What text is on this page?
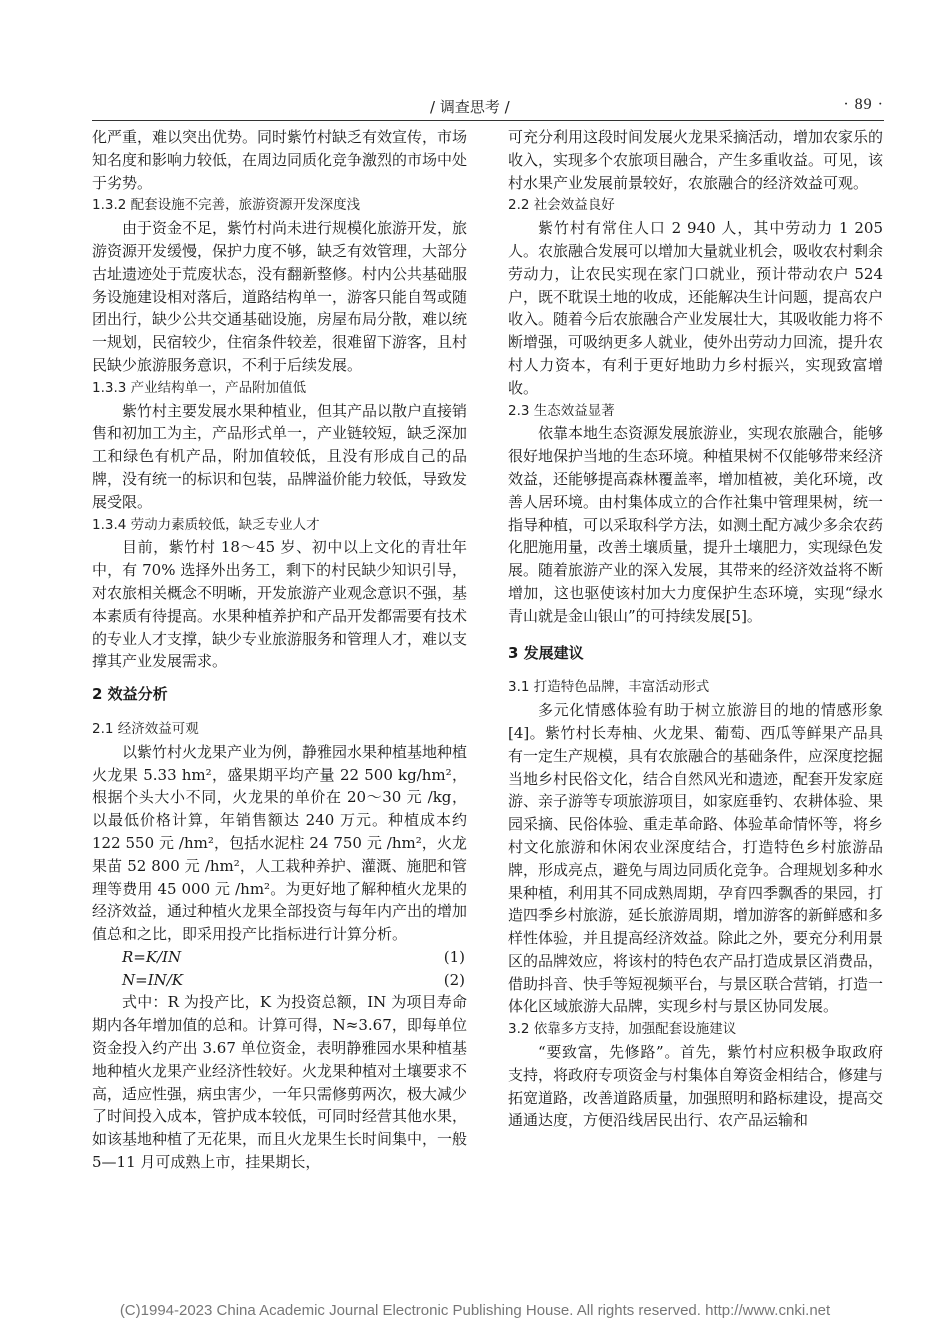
/ 调查思考 /	· 89 ·

化严重，难以突出优势。同时紫竹村缺乏有效宣传，市场知名度和影响力较低，在周边同质化竞争激烈的市场中处于劣势。

1.3.2 配套设施不完善，旅游资源开发深度浅

由于资金不足，紫竹村尚未进行规模化旅游开发，旅游资源开发缓慢，保护力度不够，缺乏有效管理，大部分古址遗迹处于荒废状态，没有翻新整修。村内公共基础服务设施建设相对落后，道路结构单一，游客只能自驾或随团出行，缺少公共交通基础设施，房屋布局分散，难以统一规划，民宿较少，住宿条件较差，很难留下游客，且村民缺少旅游服务意识，不利于后续发展。

1.3.3 产业结构单一，产品附加值低

紫竹村主要发展水果种植业，但其产品以散户直接销售和初加工为主，产品形式单一，产业链较短，缺乏深加工和绿色有机产品，附加值较低，且没有形成自己的品牌，没有统一的标识和包装，品牌溢价能力较低，导致发展受限。

1.3.4 劳动力素质较低，缺乏专业人才

目前，紫竹村 18～45 岁、初中以上文化的青壮年中，有 70% 选择外出务工，剩下的村民缺少知识引导，对农旅相关概念不明晰，开发旅游产业观念意识不强，基本素质有待提高。水果种植养护和产品开发都需要有技术的专业人才支撑，缺少专业旅游服务和管理人才，难以支撑其产业发展需求。

2 效益分析

2.1 经济效益可观

以紫竹村火龙果产业为例，静雅园水果种植基地种植火龙果 5.33 hm²，盛果期平均产量 22 500 kg/hm²，根据个头大小不同，火龙果的单价在 20～30 元 /kg，以最低价格计算，年销售额达 240 万元。种植成本约 122 550 元 /hm²，包括水泥柱 24 750 元 /hm²，火龙果苗 52 800 元 /hm²，人工栽种养护、灌溉、施肥和管理等费用 45 000 元 /hm²。为更好地了解种植火龙果的经济效益，通过种植火龙果全部投资与每年内产出的增加值总和之比，即采用投产比指标进行计算分析。

R=K/IN	(1)
N=IN/K	(2)

式中：R 为投产比，K 为投资总额，IN 为项目寿命期内各年增加值的总和。计算可得，N≈3.67，即每单位资金投入约产出 3.67 单位资金，表明静雅园水果种植基地种植火龙果产业经济性较好。火龙果种植对土壤要求不高，适应性强，病虫害少，一年只需修剪两次，极大减少了时间投入成本，管护成本较低，可同时经营其他水果，如该基地种植了无花果，而且火龙果生长时间集中，一般 5—11 月可成熟上市，挂果期长，

可充分利用这段时间发展火龙果采摘活动，增加农家乐的收入，实现多个农旅项目融合，产生多重收益。可见，该村水果产业发展前景较好，农旅融合的经济效益可观。

2.2 社会效益良好

紫竹村有常住人口 2 940 人，其中劳动力 1 205 人。农旅融合发展可以增加大量就业机会，吸收农村剩余劳动力，让农民实现在家门口就业，预计带动农户 524 户，既不耽误土地的收成，还能解决生计问题，提高农户收入。随着今后农旅融合产业发展壮大，其吸收能力将不断增强，可吸纳更多人就业，使外出劳动力回流，提升农村人力资本，有利于更好地助力乡村振兴，实现致富增收。

2.3 生态效益显著

依靠本地生态资源发展旅游业，实现农旅融合，能够很好地保护当地的生态环境。种植果树不仅能够带来经济效益，还能够提高森林覆盖率，增加植被，美化环境，改善人居环境。由村集体成立的合作社集中管理果树，统一指导种植，可以采取科学方法，如测土配方减少多余农药化肥施用量，改善土壤质量，提升土壤肥力，实现绿色发展。随着旅游产业的深入发展，其带来的经济效益将不断增加，这也驱使该村加大力度保护生态环境，实现“绿水青山就是金山银山”的可持续发展[5]。

3 发展建议

3.1 打造特色品牌，丰富活动形式

多元化情感体验有助于树立旅游目的地的情感形象[4]。紫竹村长寿柚、火龙果、葡萄、西瓜等鲜果产品具有一定生产规模，具有农旅融合的基础条件，应深度挖掘当地乡村民俗文化，结合自然风光和遗迹，配套开发家庭游、亲子游等专项旅游项目，如家庭垂钓、农耕体验、果园采摘、民俗体验、重走革命路、体验革命情怀等，将乡村文化旅游和休闲农业深度结合，打造特色乡村旅游品牌，形成亮点，避免与周边同质化竞争。合理规划多种水果种植，利用其不同成熟周期，孕育四季飘香的果园，打造四季乡村旅游，延长旅游周期，增加游客的新鲜感和多样性体验，并且提高经济效益。除此之外，要充分利用景区的品牌效应，将该村的特色农产品打造成景区消费品，借助抖音、快手等短视频平台，与景区联合营销，打造一体化区域旅游大品牌，实现乡村与景区协同发展。

3.2 依靠多方支持，加强配套设施建议

“要致富，先修路”。首先，紫竹村应积极争取政府支持，将政府专项资金与村集体自筹资金相结合，修建与拓宽道路，改善道路质量，加强照明和路标建设，提高交通通达度，方便沿线居民出行、农产品运输和

(C)1994-2023 China Academic Journal Electronic Publishing House. All rights reserved. http://www.cnki.net
